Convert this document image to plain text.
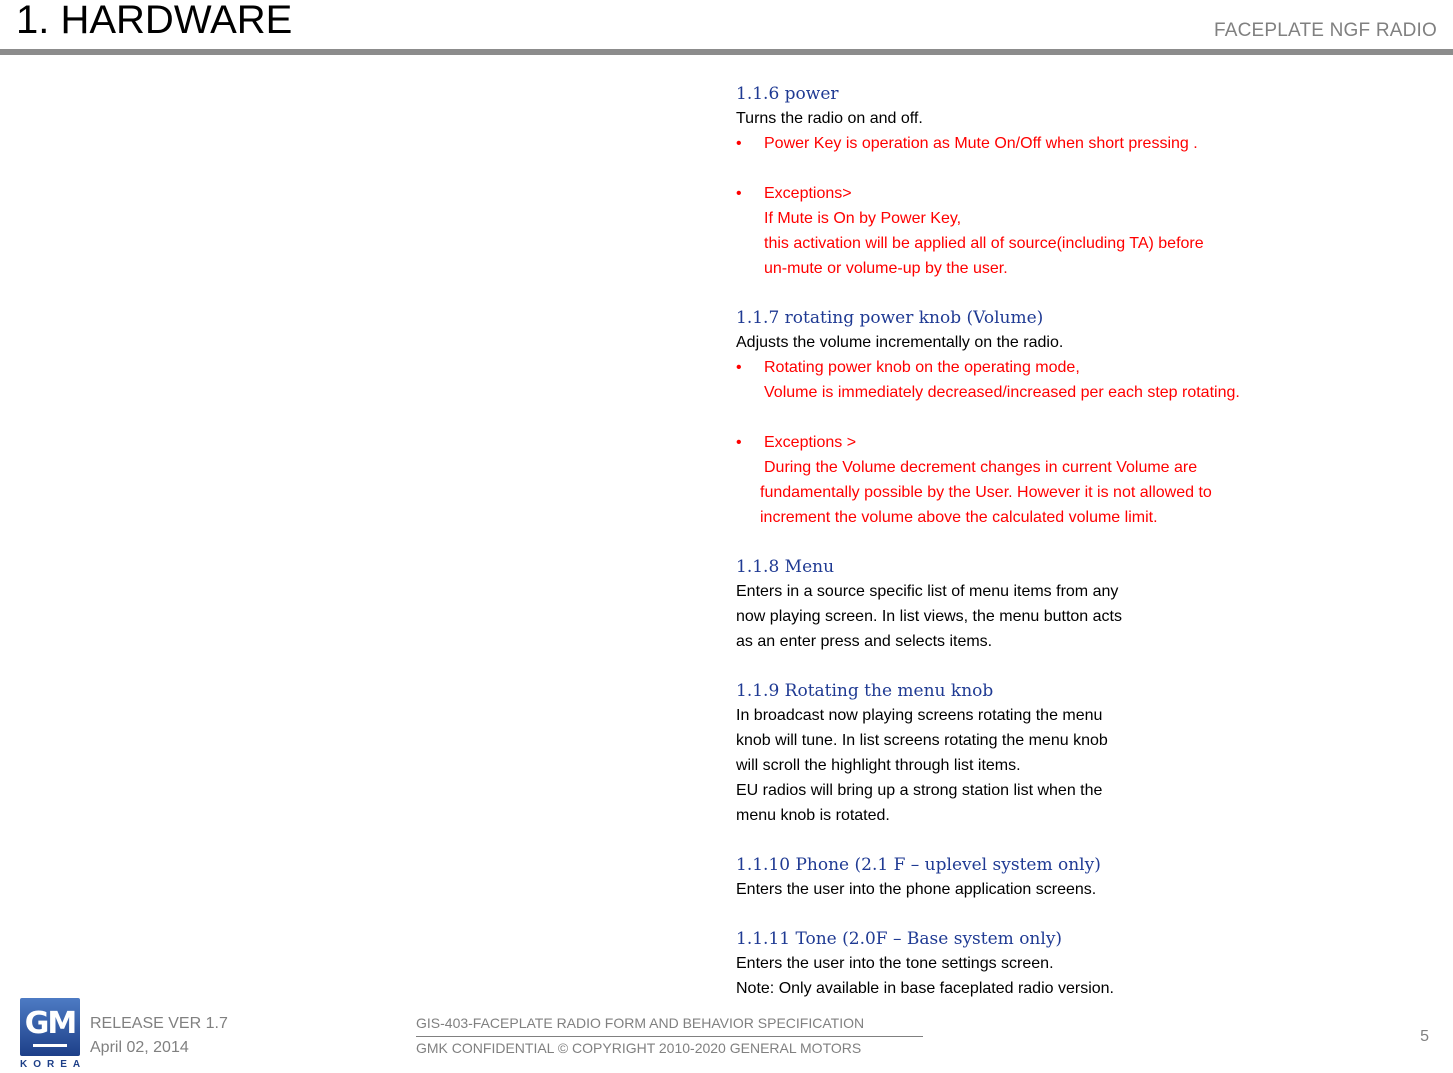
1. HARDWARE	FACEPLATE NGF RADIO

1.1.6 power

Turns the radio on and off.

• Power Key is operation as Mute On/Off when short pressing .

• Exceptions>

If Mute is On by Power Key,

this activation will be applied all of source(including TA) before

un-mute or volume-up by the user.

1.1.7 rotating power knob (Volume)

Adjusts the volume incrementally on the radio.

• Rotating power knob on the operating mode,

Volume is immediately decreased/increased per each step rotating.

• Exceptions >

During the Volume decrement changes in current Volume are

fundamentally possible by the User. However it is not allowed to

increment the volume above the calculated volume limit.

1.1.8 Menu

Enters in a source specific list of menu items from any

now playing screen. In list views, the menu button acts

as an enter press and selects items.

1.1.9 Rotating the menu knob

In broadcast now playing screens rotating the menu

knob will tune. In list screens rotating the menu knob

will scroll the highlight through list items.

EU radios will bring up a strong station list when the

menu knob is rotated.

1.1.10 Phone (2.1 F – uplevel system only)

Enters the user into the phone application screens.

1.1.11 Tone (2.0F – Base system only)

Enters the user into the tone settings screen.

Note: Only available in base faceplated radio version.

GM
KOREA
RELEASE VER 1.7
April 02, 2014
GIS-403-FACEPLATE RADIO FORM AND BEHAVIOR SPECIFICATION
GMK CONFIDENTIAL © COPYRIGHT 2010-2020 GENERAL MOTORS
5
